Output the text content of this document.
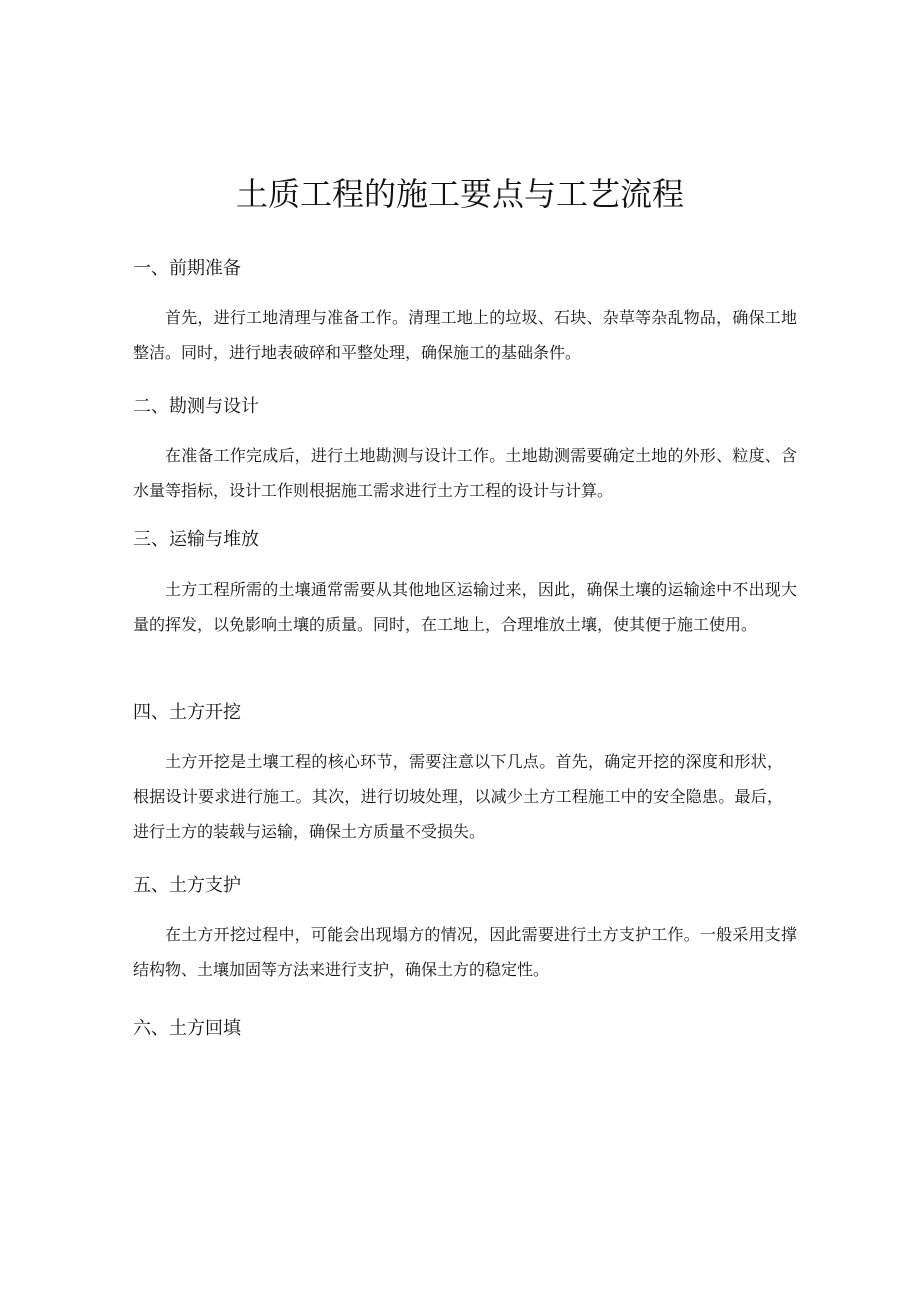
土质工程的施工要点与工艺流程
一、前期准备

首先，进行工地清理与准备工作。清理工地上的垃圾、石块、杂草等杂乱物品，确保工地整洁。同时，进行地表破碎和平整处理，确保施工的基础条件。

二、勘测与设计

在准备工作完成后，进行土地勘测与设计工作。土地勘测需要确定土地的外形、粒度、含水量等指标，设计工作则根据施工需求进行土方工程的设计与计算。

三、运输与堆放

土方工程所需的土壤通常需要从其他地区运输过来，因此，确保土壤的运输途中不出现大量的挥发，以免影响土壤的质量。同时，在工地上，合理堆放土壤，使其便于施工使用。

四、土方开挖

土方开挖是土壤工程的核心环节，需要注意以下几点。首先，确定开挖的深度和形状，根据设计要求进行施工。其次，进行切坡处理，以减少土方工程施工中的安全隐患。最后，进行土方的装载与运输，确保土方质量不受损失。

五、土方支护

在土方开挖过程中，可能会出现塌方的情况，因此需要进行土方支护工作。一般采用支撑结构物、土壤加固等方法来进行支护，确保土方的稳定性。

六、土方回填
